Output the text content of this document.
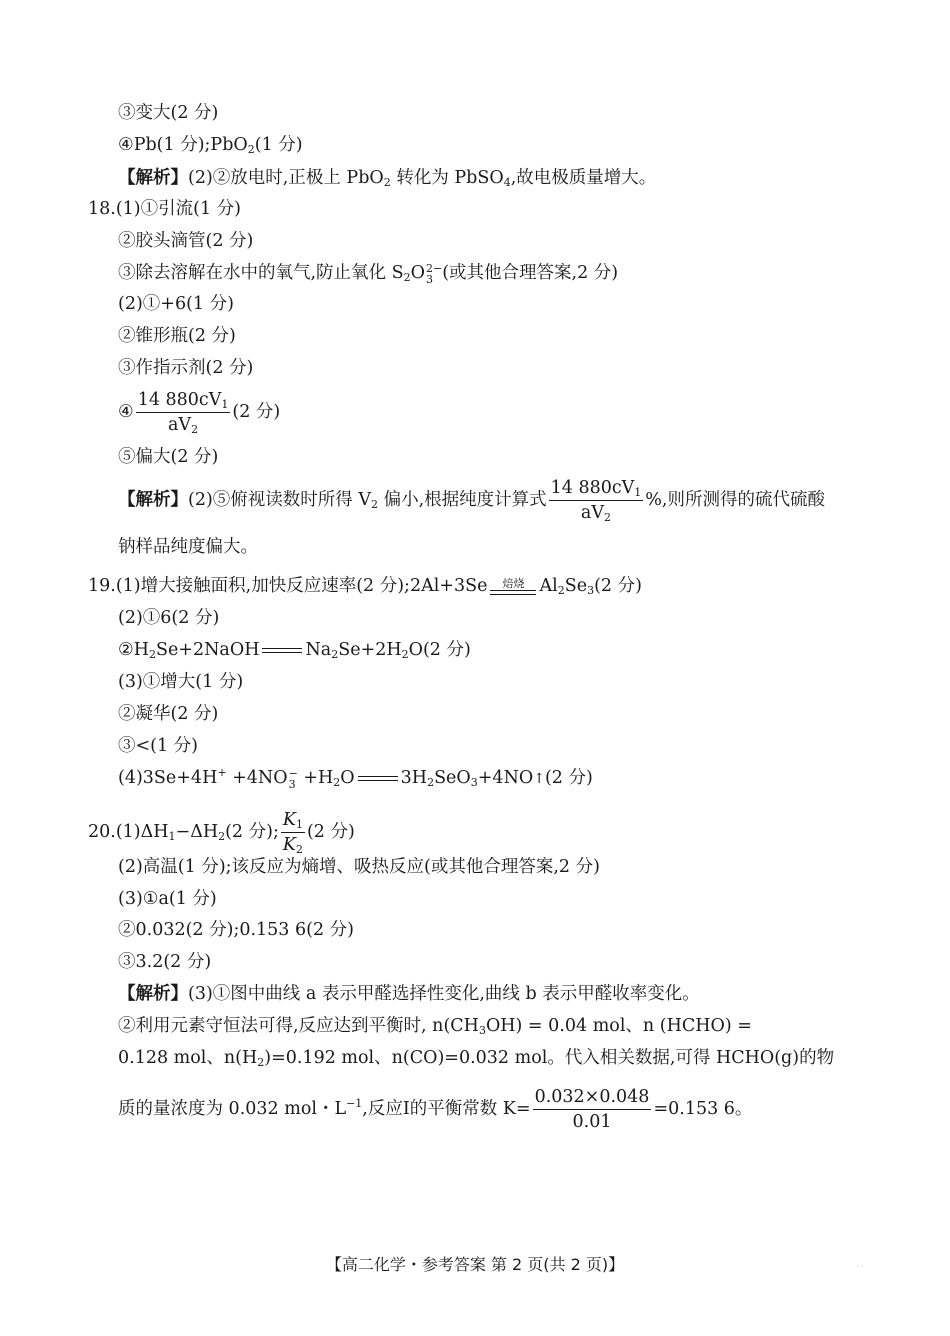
③变大(2 分)
④Pb(1 分);PbO$_2$(1 分)
【解析】(2)②放电时,正极上 PbO$_2$ 转化为 PbSO$_4$,故电极质量增大。
18.(1)①引流(1 分)
②胶头滴管(2 分)
③除去溶解在水中的氧气,防止氧化 $S_2O2-$
3 (或其他合理答案,2 分)
(2)①+6(1 分)
②锥形瓶(2 分)
③作指示剂(2 分)
④ $\frac{14 880cV_1}{aV_2} (2$ 分)
⑤偏大(2 分)
【解析】(2)⑤俯视读数时所得 $V_2$ 偏小,根据纯度计算式 $\frac{14 880cV_1}{aV_2}$ %,则所测得的硫代硫酸
钠样品纯度偏大。
19.(1)增大接触面积,加快反应速率(2 分);2Al+3Se 焙烧 $Al_2Se_3(2$ 分)
(2)①6(2 分)
$②H_2Se+2NaOH$	$Na_2Se+2H_2O(2$ 分)
(3)①增大(1 分)
②凝华(2 分)
③<(1 分)
(4)3Se+4H+ +4NO−
$3 +H_2O$	$3H_2SeO_3+4NO↑(2$ 分)
$20.(1)\Delta H_1-\Delta H_2(2$ 分); $\frac{K_1}{K_2} (2$ 分)
(2)高温(1 分);该反应为熵增、吸热反应(或其他合理答案,2 分)
(3)①a(1 分)
②0.032(2 分);0.153 6(2 分)
③3.2(2 分)
【解析】(3)①图中曲线 a 表示甲醛选择性变化,曲线 b 表示甲醛收率变化。
②利用元素守恒法可得,反应达到平衡时, $n(CH_3OH) = 0.04$ mol、n (HCHO) =
0.128 mol、$n(H_2)=0.192$ mol、n(CO)=0.032 mol。代入相关数据,可得 HCHO(g)的物
质的量浓度为 0.032 mol・$L^{-1}$,反应Ⅰ的平衡常数 $K= \frac{0.032\times 0.048}{0.01} =0.153$ 6。
【高二化学・参考答案 第 2 页(共 2 页)】	· ·
